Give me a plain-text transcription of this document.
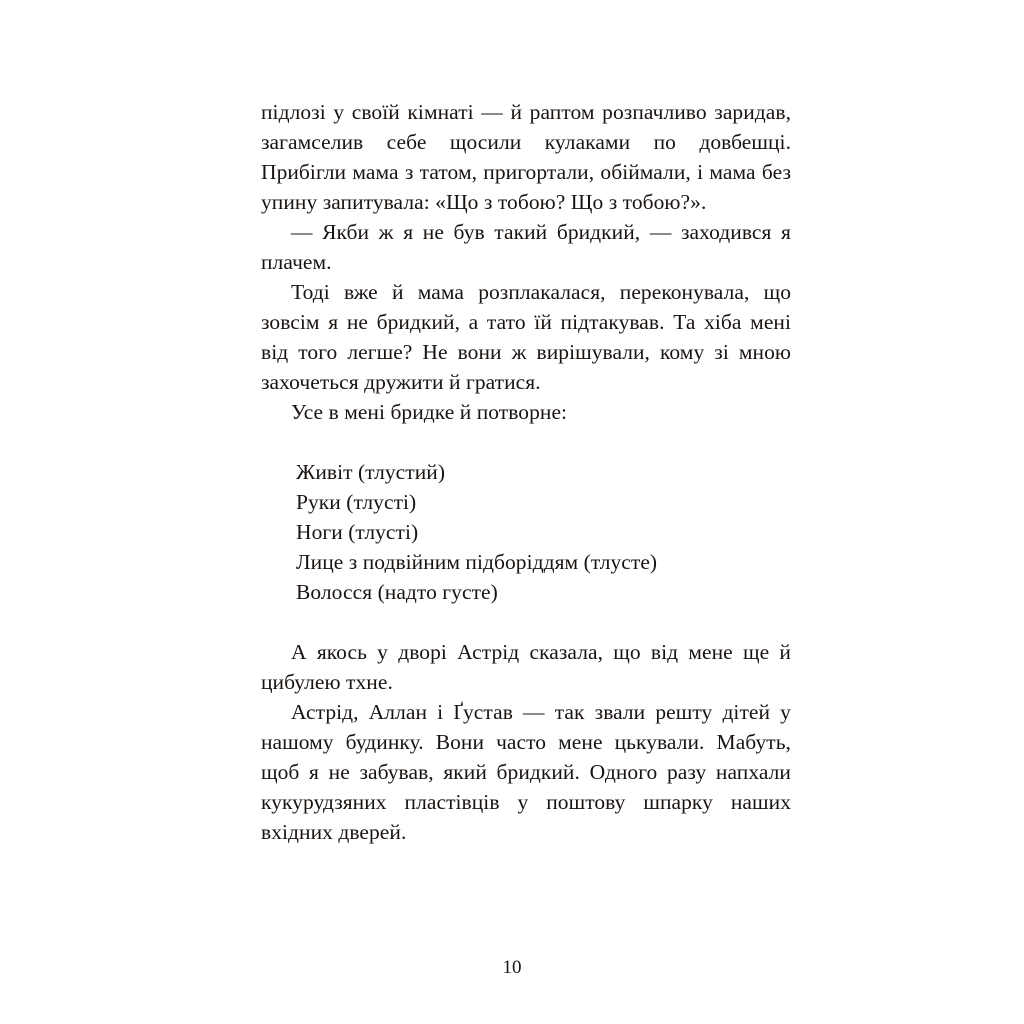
підлозі у своїй кімнаті — й раптом розпачливо заридав, загамселив себе щосили кулаками по довбешці. Прибігли мама з татом, пригортали, обіймали, і мама без упину запитувала: «Що з тобою? Що з тобою?».

— Якби ж я не був такий бридкий, — заходився я плачем.

Тоді вже й мама розплакалася, переконувала, що зовсім я не бридкий, а тато їй підтакував. Та хіба мені від того легше? Не вони ж вирішували, кому зі мною захочеться дружити й гратися.

Усе в мені бридке й потворне:

Живіт (тлустий)
Руки (тлусті)
Ноги (тлусті)
Лице з подвійним підборіддям (тлусте)
Волосся (надто густе)

А якось у дворі Астрід сказала, що від мене ще й цибулею тхне.

Астрід, Аллан і Ґустав — так звали решту дітей у нашому будинку. Вони часто мене цькували. Мабуть, щоб я не забував, який бридкий. Одного разу напхали кукурудзяних пластівців у поштову шпарку наших вхідних дверей.

10
